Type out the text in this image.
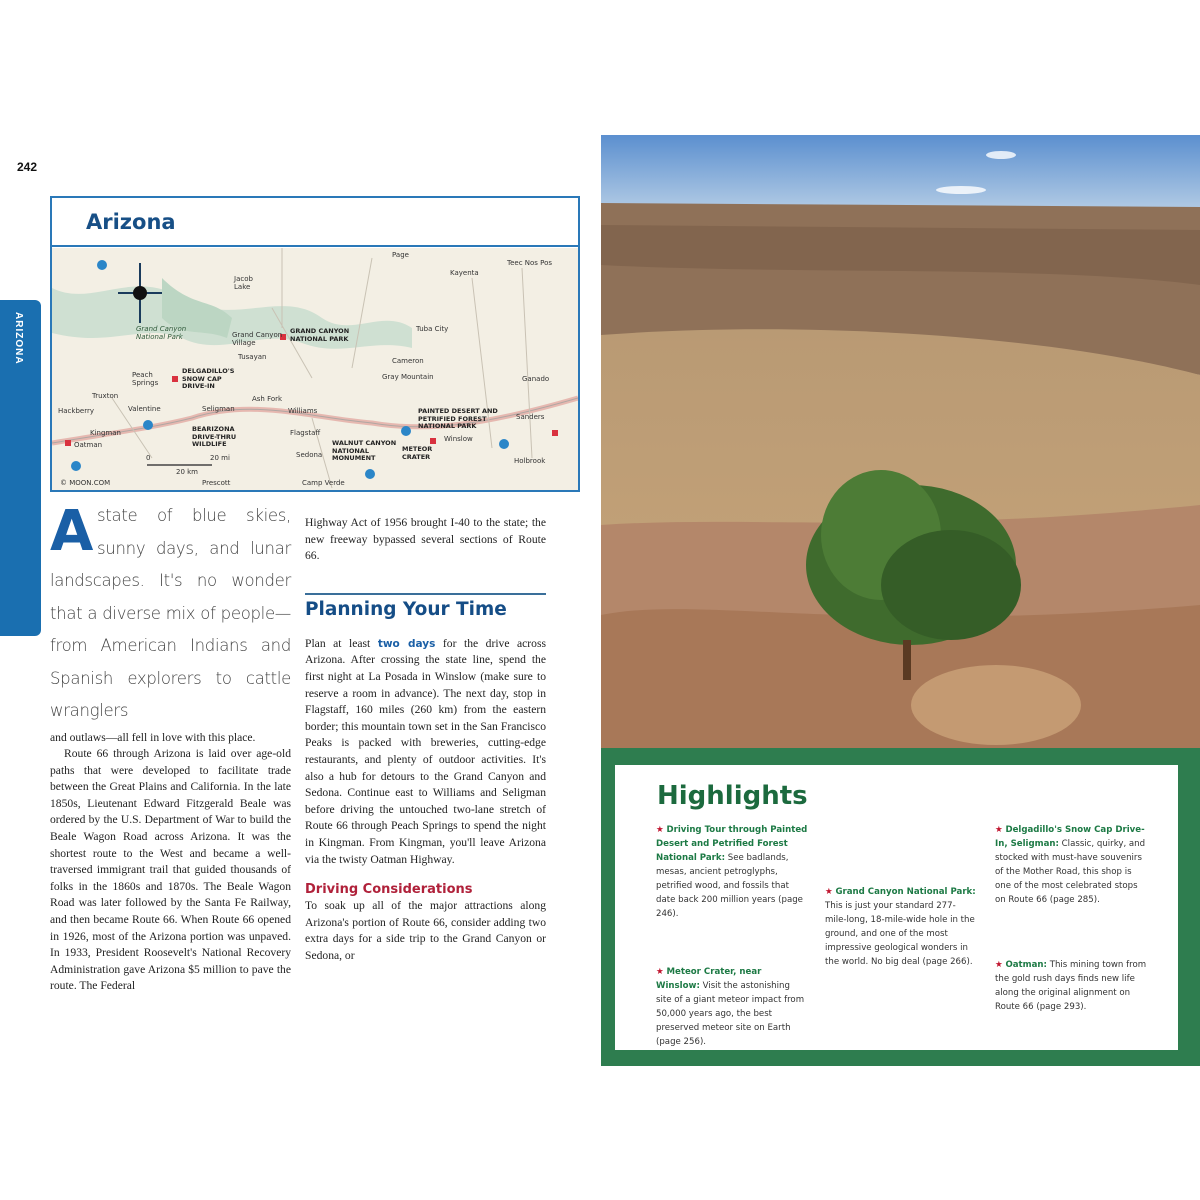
242
ARIZONA
Arizona
Page
Jacob Lake
Kayenta
Teec Nos Pos
Grand Canyon National Park	Grand Canyon Village
Tusayan
Tuba City
Cameron
Gray Mountain
GRAND CANYON NATIONAL PARK
Peach Springs
DELGADILLO'S SNOW CAP DRIVE-IN
Truxton
Valentine	Seligman
Ash Fork
Williams
Flagstaff
Kingman
Oatman
BEARIZONA DRIVE-THRU WILDLIFE	WALNUT CANYON NATIONAL MONUMENT
METEOR CRATER
Winslow
Holbrook
Ganado
Sanders
PAINTED DESERT AND PETRIFIED FOREST NATIONAL PARK
Sedona
Prescott	Camp Verde
Hackberry
© MOON.COM
0	20 mi
20 km
Astate of blue skies, sunny days, and lunar landscapes. It's no wonder that a diverse mix of people—from American Indians and Spanish explorers to cattle wranglers

and outlaws—all fell in love with this place.

Route 66 through Arizona is laid over age-old paths that were developed to facilitate trade between the Great Plains and California. In the late 1850s, Lieutenant Edward Fitzgerald Beale was ordered by the U.S. Department of War to build the Beale Wagon Road across Arizona. It was the shortest route to the West and became a well-traversed immigrant trail that guided thousands of folks in the 1860s and 1870s. The Beale Wagon Road was later followed by the Santa Fe Railway, and then became Route 66. When Route 66 opened in 1926, most of the Arizona portion was unpaved. In 1933, President Roosevelt's National Recovery Administration gave Arizona $5 million to pave the route. The Federal

Highway Act of 1956 brought I-40 to the state; the new freeway bypassed several sections of Route 66.

Planning Your Time

Plan at least two days for the drive across Arizona. After crossing the state line, spend the first night at La Posada in Winslow (make sure to reserve a room in advance). The next day, stop in Flagstaff, 160 miles (260 km) from the eastern border; this mountain town set in the San Francisco Peaks is packed with breweries, cutting-edge restaurants, and plenty of outdoor activities. It's also a hub for detours to the Grand Canyon and Sedona. Continue east to Williams and Seligman before driving the untouched two-lane stretch of Route 66 through Peach Springs to spend the night in Kingman. From Kingman, you'll leave Arizona via the twisty Oatman Highway.

Driving Considerations

To soak up all of the major attractions along Arizona's portion of Route 66, consider adding two extra days for a side trip to the Grand Canyon or Sedona, or

Highlights
★ Driving Tour through Painted Desert and Petrified Forest National Park: See badlands, mesas, ancient petroglyphs, petrified wood, and fossils that date back 200 million years (page 246).
★ Meteor Crater, near Winslow: Visit the astonishing site of a giant meteor impact from 50,000 years ago, the best preserved meteor site on Earth (page 256).
★ Grand Canyon National Park: This is just your standard 277-mile-long, 18-mile-wide hole in the ground, and one of the most impressive geological wonders in the world. No big deal (page 266).
★ Delgadillo's Snow Cap Drive-In, Seligman: Classic, quirky, and stocked with must-have souvenirs of the Mother Road, this shop is one of the most celebrated stops on Route 66 (page 285).
★ Oatman: This mining town from the gold rush days finds new life along the original alignment on Route 66 (page 293).
